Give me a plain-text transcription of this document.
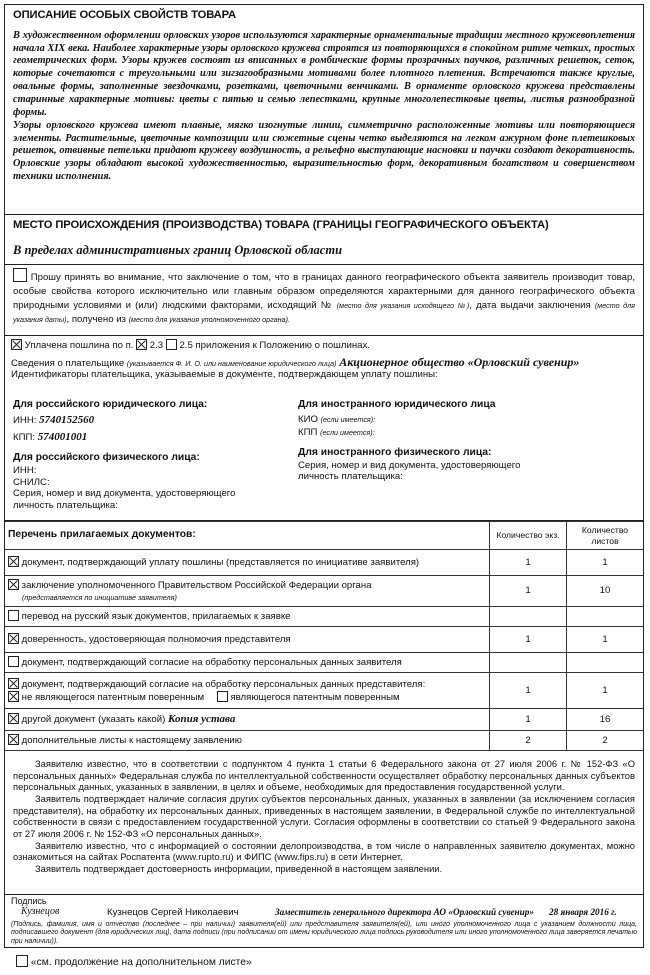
ОПИСАНИЕ ОСОБЫХ СВОЙСТВ ТОВАРА

В художественном оформлении орловских узоров используются характерные орнаментальные традиции местного кружевоплетения начала XIX века. Наиболее характерные узоры орловского кружева строятся из повторяющихся в спокойном ритме четких, простых геометрических форм. Узоры кружев состоят из вписанных в ромбические формы прозрачных паучков, различных решеток, сеток, которые сочетаются с треугольными или зигзагообразными мотивами более плотного плетения. Встречаются также круглые, овальные формы, заполненные звездочками, розетками, цветочными венчиками. В орнаменте орловского кружева представлены старинные характерные мотивы: цветы с пятью и семью лепестками, крупные многолепестковые цветы, листья разнообразной формы.

Узоры орловского кружева имеют плавные, мягко изогнутые линии, симметрично расположенные мотивы или повторяющиеся элементы. Растительные, цветочные композиции или сюжетные сцены четко выделяются на легком ажурном фоне плетешковых решеток, отвивные петельки придают кружеву воздушность, а рельефно выступающие насновки и паучки создают декоративность. Орловские узоры обладают высокой художественностью, выразительностью форм, декоративным богатством и совершенством техники исполнения.

МЕСТО ПРОИСХОЖДЕНИЯ (ПРОИЗВОДСТВА) ТОВАРА (ГРАНИЦЫ ГЕОГРАФИЧЕСКОГО ОБЪЕКТА)
В пределах административных границ Орловской области
Прошу принять во внимание, что заключение о том, что в границах данного географического объекта заявитель производит товар, особые свойства которого исключительно или главным образом определяются характерными для данного географического объекта природными условиями и (или) людскими факторами, исходящий № (место для указания исходящего №), дата выдачи заключения (место для указания даты), получено из (место для указания уполномоченного органа).
Уплачена пошлина по п. 2.3 2.5 приложения к Положению о пошлинах.
Сведения о плательщике (указывается Ф. И. О. или наименование юридического лица) Акционерное общество «Орловский сувенир»
Идентификаторы плательщика, указываемые в документе, подтверждающем уплату пошлины:
Для российского юридического лица:
ИНН: 5740152560
КПП: 574001001
Для российского физического лица:
ИНН:
СНИЛС:
Серия, номер и вид документа, удостоверяющего личность плательщика:
Для иностранного юридического лица
КИО (если имеется):
КПП (если имеется):
Для иностранного физического лица:
Серия, номер и вид документа, удостоверяющего личность плательщика:
Перечень прилагаемых документов:	Количество экз.	Количество листов
документ, подтверждающий уплату пошлины (представляется по инициативе заявителя)	1	1
заключение уполномоченного Правительством Российской Федерации органа
(представляется по инициативе заявителя)	1	10
перевод на русский язык документов, прилагаемых к заявке		
доверенность, удостоверяющая полномочия представителя	1	1
документ, подтверждающий согласие на обработку персональных данных заявителя		
документ, подтверждающий согласие на обработку персональных данных представителя:
не являющегося патентным поверенным являющегося патентным поверенным	1	1
другой документ (указать какой) Копия устава	1	16
дополнительные листы к настоящему заявлению	2	2

Заявителю известно, что в соответствии с подпунктом 4 пункта 1 статьи 6 Федерального закона от 27 июля 2006 г. № 152-ФЗ «О персональных данных» Федеральная служба по интеллектуальной собственности осуществляет обработку персональных данных субъектов персональных данных, указанных в заявлении, в целях и объеме, необходимых для предоставления государственной услуги.

Заявитель подтверждает наличие согласия других субъектов персональных данных, указанных в заявлении (за исключением согласия представителя), на обработку их персональных данных, приведенных в настоящем заявлении, в Федеральной службе по интеллектуальной собственности в связи с предоставлением государственной услуги. Согласия оформлены в соответствии со статьей 9 Федерального закона от 27 июля 2006 г. № 152-ФЗ «О персональных данных».

Заявителю известно, что с информацией о состоянии делопроизводства, в том числе о направленных заявителю документах, можно ознакомиться на сайтах Роспатента (www.rupto.ru) и ФИПС (www.fips.ru) в сети Интернет.

Заявитель подтверждает достоверность информации, приведенной в настоящем заявлении.

Подпись
Кузнецов	Кузнецов Сергей Николаевич	Заместитель генерального директора АО «Орловский сувенир» 28 января 2016 г.
(Подпись, фамилия, имя и отчество (последнее – при наличии) заявителя(ей) или представителя заявителя(ей), или иного уполномоченного лица с указанием должности лица, подписавшего документ (для юридических лиц), дата подписи (при подписании от имени юридического лица подпись руководителя или иного уполномоченного лица заверяется печатью при наличии)).
«см. продолжение на дополнительном листе»
